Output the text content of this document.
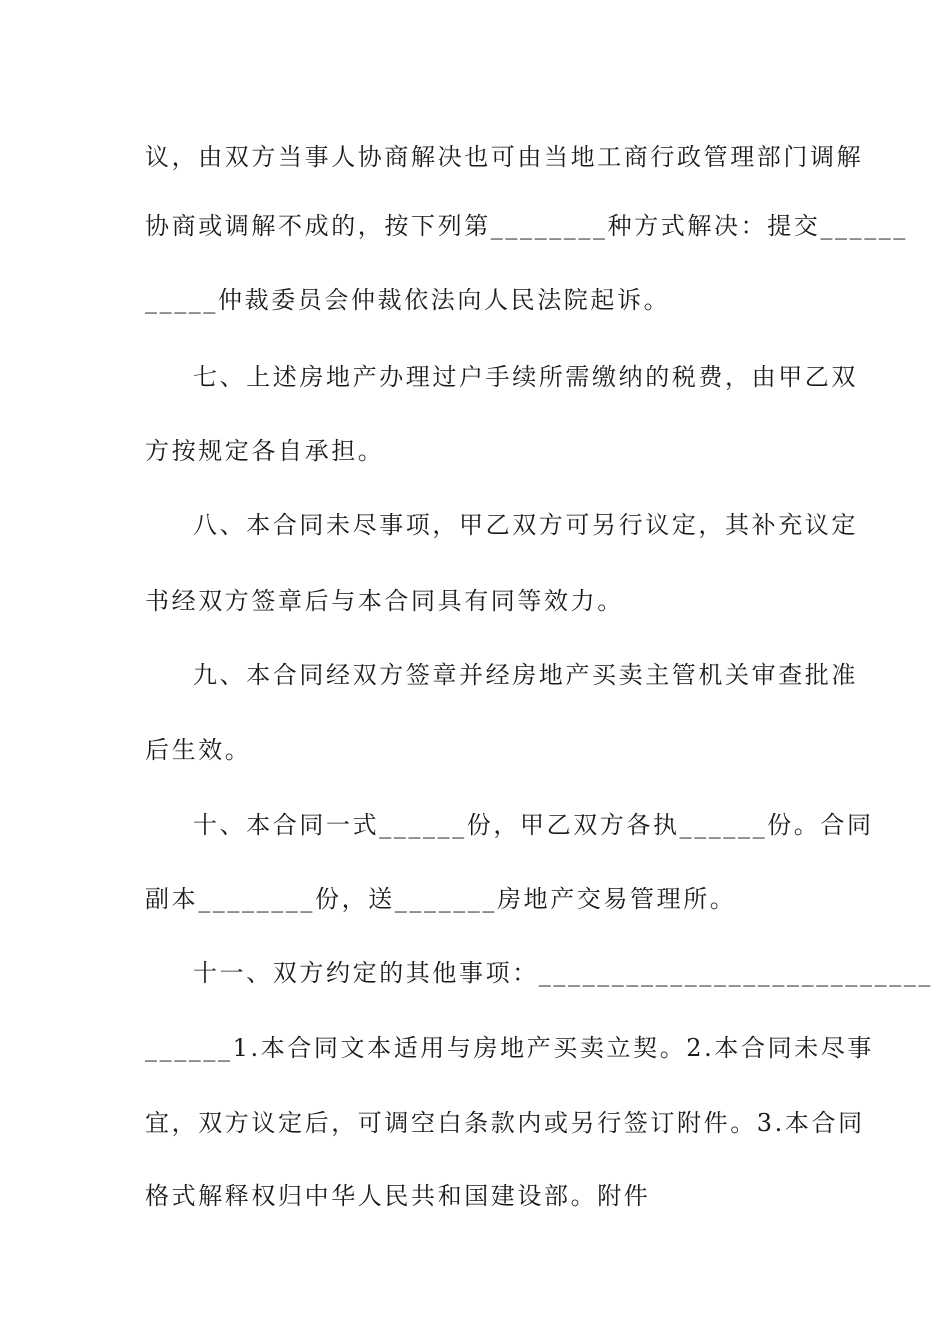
议，由双方当事人协商解决也可由当地工商行政管理部门调解
协商或调解不成的，按下列第________种方式解决：提交______
_____仲裁委员会仲裁依法向人民法院起诉。
七、上述房地产办理过户手续所需缴纳的税费，由甲乙双
方按规定各自承担。
八、本合同未尽事项，甲乙双方可另行议定，其补充议定
书经双方签章后与本合同具有同等效力。
九、本合同经双方签章并经房地产买卖主管机关审查批准
后生效。
十、本合同一式______份，甲乙双方各执______份。合同
副本________份，送_______房地产交易管理所。
十一、双方约定的其他事项：___________________________
______1.本合同文本适用与房地产买卖立契。2.本合同未尽事
宜，双方议定后，可调空白条款内或另行签订附件。3.本合同
格式解释权归中华人民共和国建设部。附件
